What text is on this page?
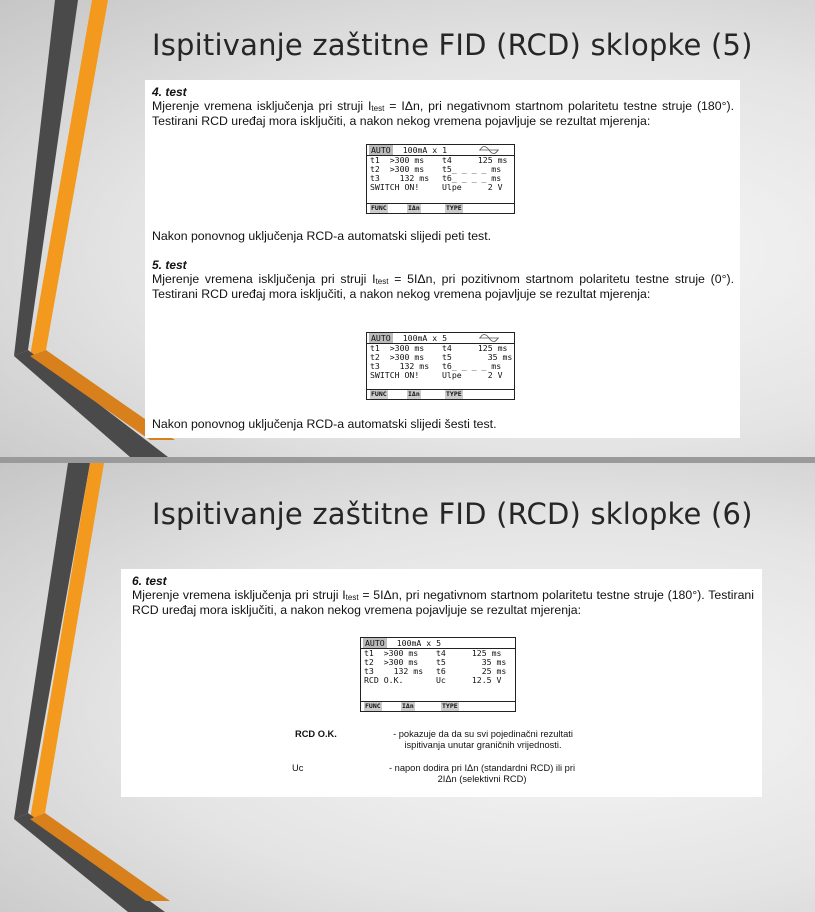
Ispitivanje zaštitne FID (RCD) sklopke (5)
4. test
Mjerenje vremena isključenja pri struji $I_{test} = I\Delta n$, pri negativnom startnom polaritetu testne struje (180°). Testirani RCD uređaj mora isključiti, a nakon nekog vremena pojavljuje se rezultat mjerenja:
AUTO 100mA x 1
t1  >300 ms t4 125 ms
t2  >300 ms t5_ _ _ _ ms
t3    132 ms t6_ _ _ _ ms
SWITCH ON!	Ulpe 2 V
FUNC	IΔn	TYPE
Nakon ponovnog uključenja RCD-a automatski slijedi peti test.
5. test
Mjerenje vremena isključenja pri struji $I_{test} = 5I\Delta n$, pri pozitivnom startnom polaritetu testne struje (0°). Testirani RCD uređaj mora isključiti, a nakon nekog vremena pojavljuje se rezultat mjerenja:
AUTO 100mA x 5
t1  >300 ms t4 125 ms
t2  >300 ms t5 35 ms
t3    132 ms t6_ _ _ _ ms
SWITCH ON!	Ulpe 2 V
FUNC	IΔn	TYPE
Nakon ponovnog uključenja RCD-a automatski slijedi šesti test.
Ispitivanje zaštitne FID (RCD) sklopke (6)
6. test
Mjerenje vremena isključenja pri struji $I_{test} = 5I\Delta n$, pri negativnom startnom polaritetu testne struje (180°). Testirani RCD uređaj mora isključiti, a nakon nekog vremena pojavljuje se rezultat mjerenja:
AUTO 100mA x 5
t1  >300 ms t4 125 ms
t2  >300 ms t5 35 ms
t3    132 ms t6 25 ms
RCD O.K.	Uc 12.5 V
FUNC	IΔn	TYPE
RCD O.K.	- pokazuje da da su svi pojedinačni rezultati
ispitivanja unutar graničnih vrijednosti.
Uc	- napon dodira pri IΔn (standardni RCD) ili pri
2IΔn (selektivni RCD)
